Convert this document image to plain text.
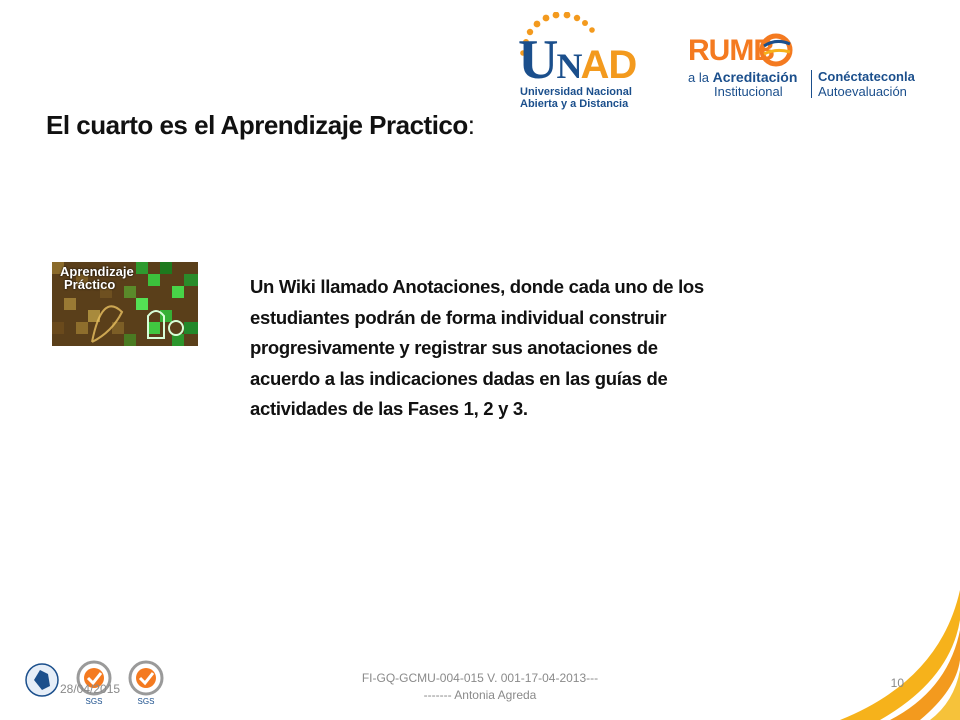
UNAD
Universidad Nacional
Abierta y a Distancia
RUMB
a la Acreditación
Institucional
Conéctateconla
Autoevaluación
El cuarto es el Aprendizaje Practico:
Aprendizaje
Práctico	Un Wiki llamado Anotaciones, donde cada uno de los estudiantes podrán de forma individual construir progresivamente y registrar sus anotaciones de acuerdo a las indicaciones dadas en las guías de actividades de las Fases 1, 2 y 3.
SGS	SGS
28/04/2015
FI-GQ-GCMU-004-015 V. 001-17-04-2013---
------- Antonia Agreda
10
